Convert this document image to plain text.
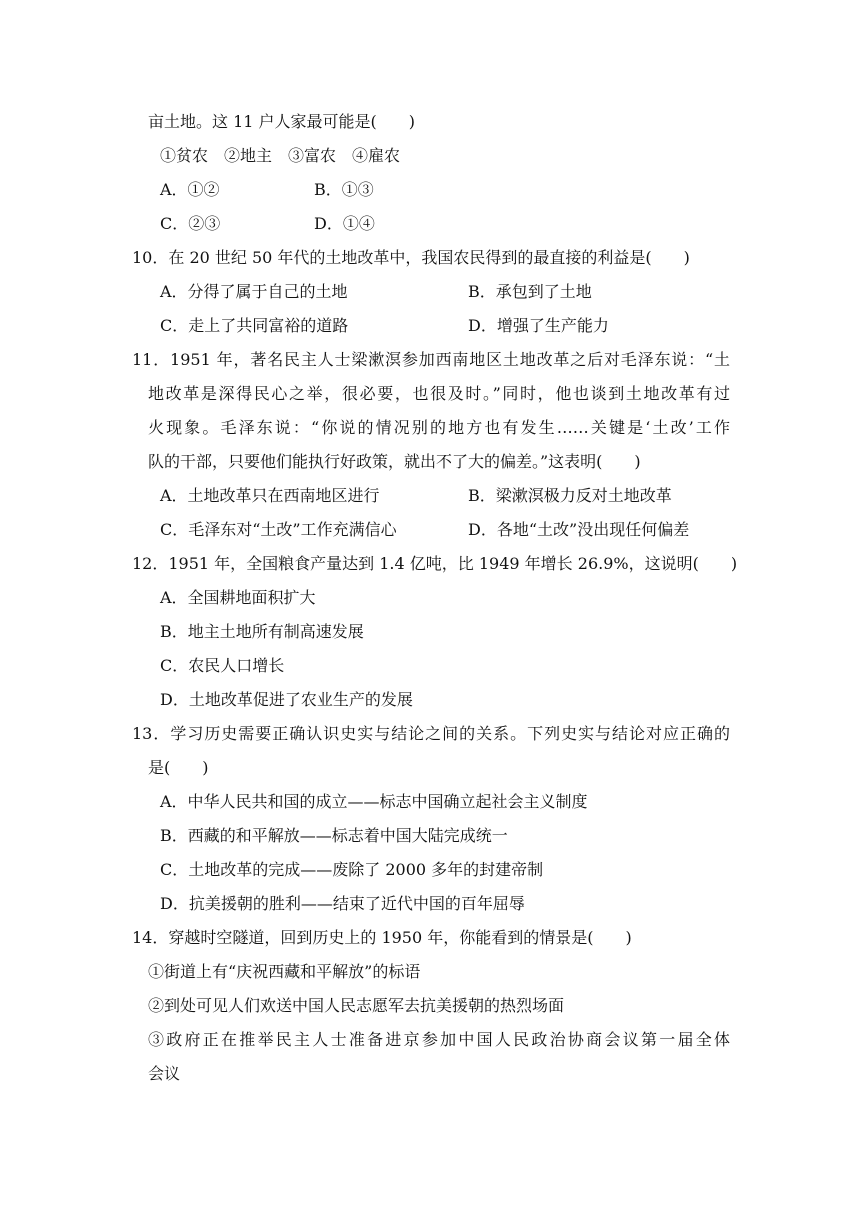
亩土地。这 11 户人家最可能是(　　)
①贫农　②地主　③富农　④雇农
A．①②	B．①③
C．②③	D．①④
10．在 20 世纪 50 年代的土地改革中，我国农民得到的最直接的利益是(　　)
A．分得了属于自己的土地	B．承包到了土地
C．走上了共同富裕的道路	D．增强了生产能力
11．1951 年，著名民主人士梁漱溟参加西南地区土地改革之后对毛泽东说：“土
地改革是深得民心之举，很必要，也很及时。”同时，他也谈到土地改革有过
火现象。毛泽东说：“你说的情况别的地方也有发生……关键是‘土改’工作
队的干部，只要他们能执行好政策，就出不了大的偏差。”这表明(　　)
A．土地改革只在西南地区进行	B．梁漱溟极力反对土地改革
C．毛泽东对“土改”工作充满信心	D．各地“土改”没出现任何偏差
12．1951 年，全国粮食产量达到 1.4 亿吨，比 1949 年增长 26.9%，这说明(　　)
A．全国耕地面积扩大
B．地主土地所有制高速发展
C．农民人口增长
D．土地改革促进了农业生产的发展
13．学习历史需要正确认识史实与结论之间的关系。下列史实与结论对应正确的
是(　　)
A．中华人民共和国的成立——标志中国确立起社会主义制度
B．西藏的和平解放——标志着中国大陆完成统一
C．土地改革的完成——废除了 2000 多年的封建帝制
D．抗美援朝的胜利——结束了近代中国的百年屈辱
14．穿越时空隧道，回到历史上的 1950 年，你能看到的情景是(　　)
①街道上有“庆祝西藏和平解放”的标语
②到处可见人们欢送中国人民志愿军去抗美援朝的热烈场面
③政府正在推举民主人士准备进京参加中国人民政治协商会议第一届全体
会议
